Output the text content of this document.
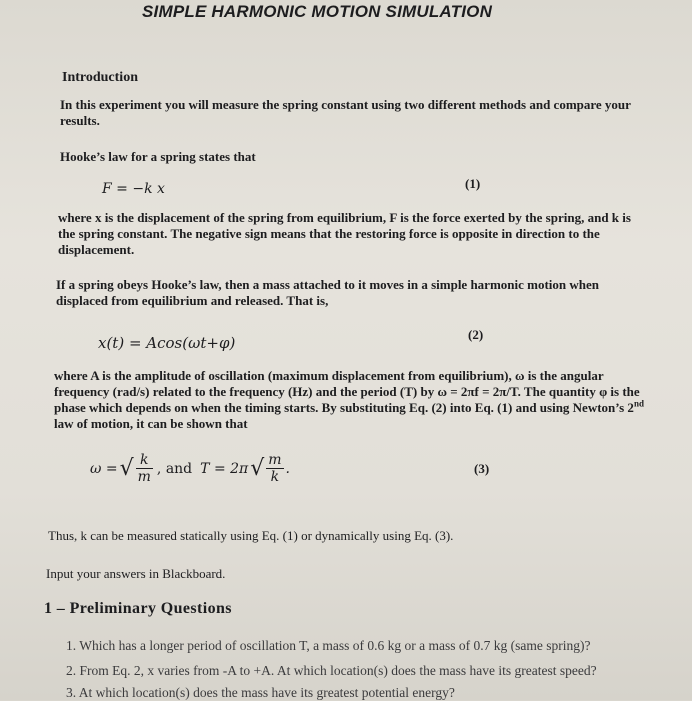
SIMPLE HARMONIC MOTION SIMULATION
Introduction
In this experiment you will measure the spring constant using two different methods and compare your results.
Hooke’s law for a spring states that
F = −k x	(1)
where x is the displacement of the spring from equilibrium, F is the force exerted by the spring, and k is the spring constant. The negative sign means that the restoring force is opposite in direction to the displacement.
If a spring obeys Hooke’s law, then a mass attached to it moves in a simple harmonic motion when displaced from equilibrium and released. That is,
x(t) = Acos(ωt+φ)	(2)
where A is the amplitude of oscillation (maximum displacement from equilibrium), ω is the angular frequency (rad/s) related to the frequency (Hz) and the period (T) by ω = 2πf = 2π/T. The quantity φ is the phase which depends on when the timing starts. By substituting Eq. (2) into Eq. (1) and using Newton’s 2nd law of motion, it can be shown that
ω = √ $\frac{k}{m}$ , and T = 2π √ $\frac{m}{k}$ .	(3)
Thus, k can be measured statically using Eq. (1) or dynamically using Eq. (3).
Input your answers in Blackboard.
1 – Preliminary Questions
1. Which has a longer period of oscillation T, a mass of 0.6 kg or a mass of 0.7 kg (same spring)?
2. From Eq. 2, x varies from -A to +A. At which location(s) does the mass have its greatest speed?
3. At which location(s) does the mass have its greatest potential energy?
